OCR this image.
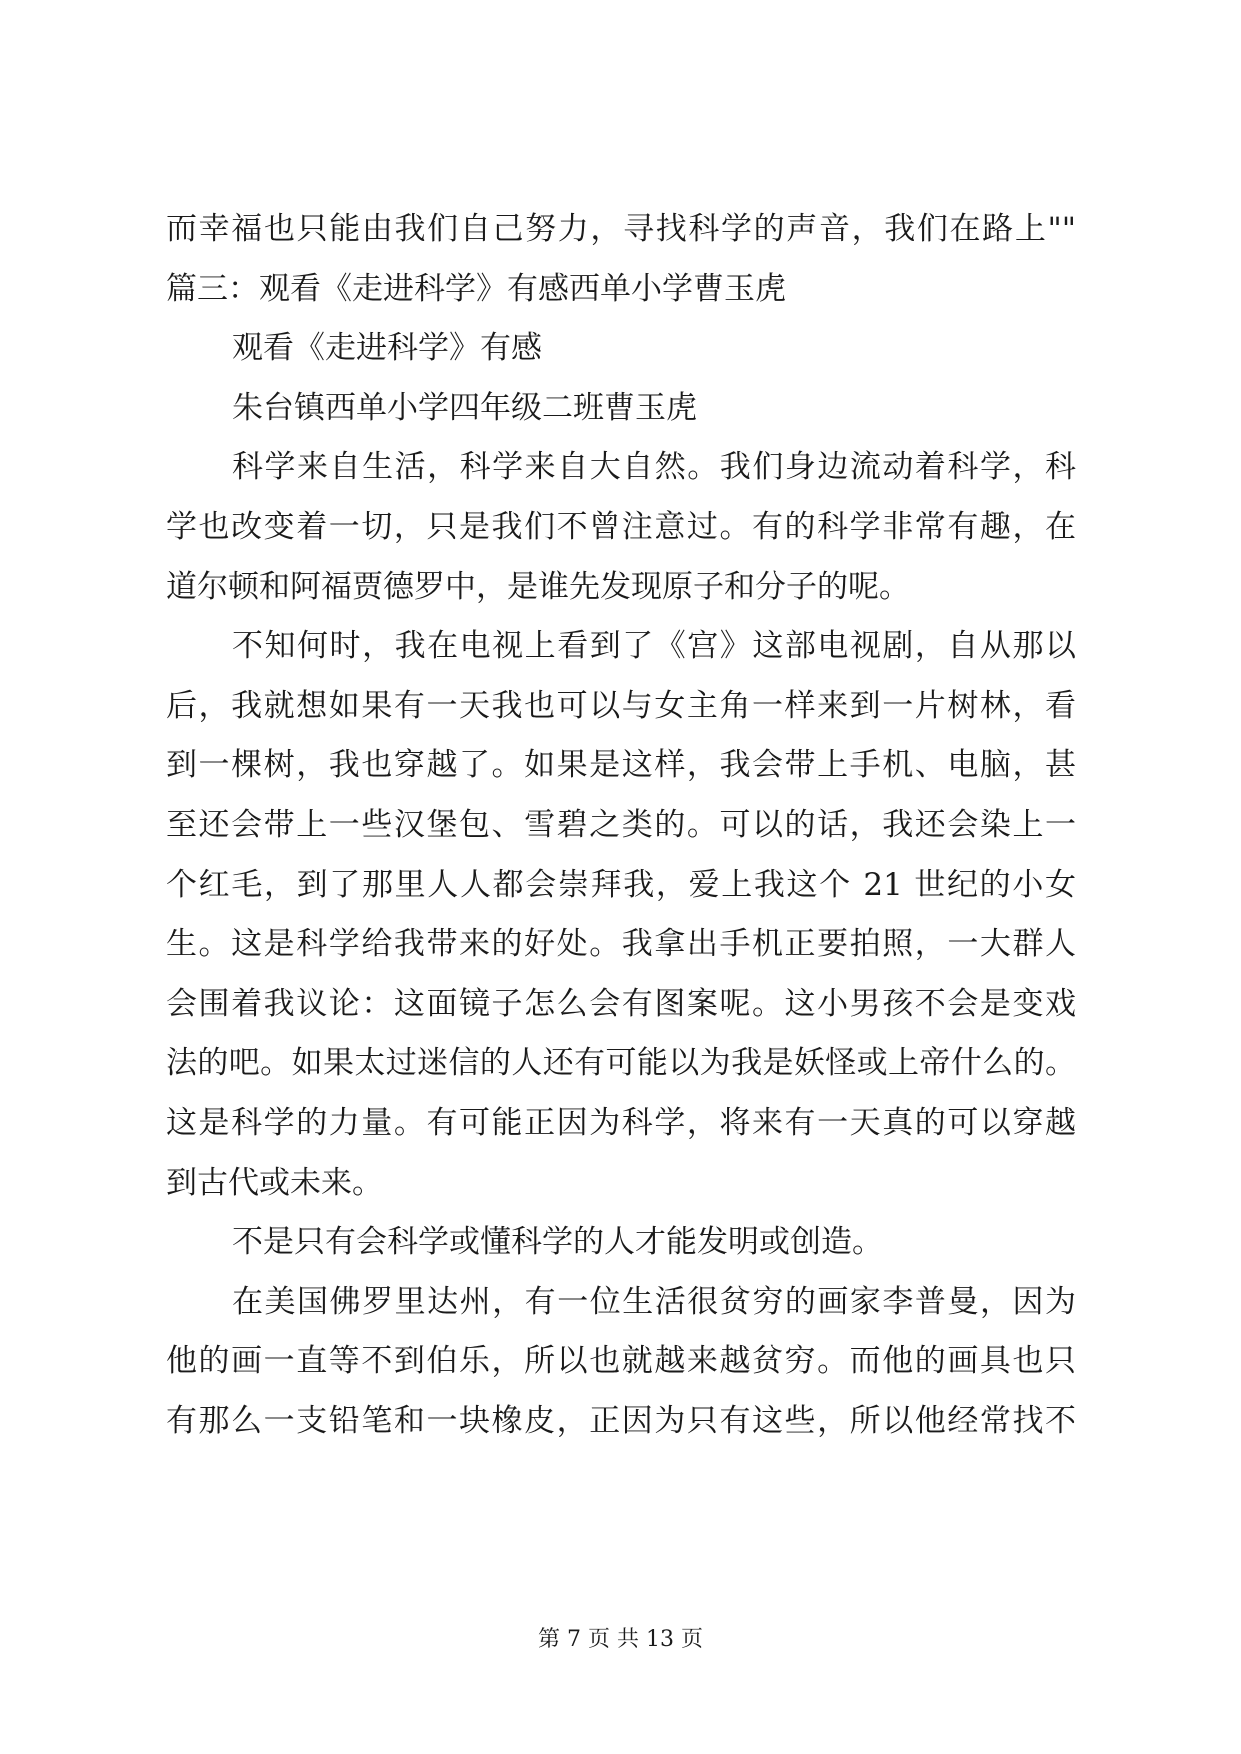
而幸福也只能由我们自己努力，寻找科学的声音，我们在路上""
篇三：观看《走进科学》有感西单小学曹玉虎
观看《走进科学》有感
朱台镇西单小学四年级二班曹玉虎
科学来自生活，科学来自大自然。我们身边流动着科学，科
学也改变着一切，只是我们不曾注意过。有的科学非常有趣，在
道尔顿和阿福贾德罗中，是谁先发现原子和分子的呢。
不知何时，我在电视上看到了《宫》这部电视剧，自从那以
后，我就想如果有一天我也可以与女主角一样来到一片树林，看
到一棵树，我也穿越了。如果是这样，我会带上手机、电脑，甚
至还会带上一些汉堡包、雪碧之类的。可以的话，我还会染上一
个红毛，到了那里人人都会崇拜我，爱上我这个 21 世纪的小女
生。这是科学给我带来的好处。我拿出手机正要拍照，一大群人
会围着我议论：这面镜子怎么会有图案呢。这小男孩不会是变戏
法的吧。如果太过迷信的人还有可能以为我是妖怪或上帝什么的。
这是科学的力量。有可能正因为科学，将来有一天真的可以穿越
到古代或未来。
不是只有会科学或懂科学的人才能发明或创造。
在美国佛罗里达州，有一位生活很贫穷的画家李普曼，因为
他的画一直等不到伯乐，所以也就越来越贫穷。而他的画具也只
有那么一支铅笔和一块橡皮，正因为只有这些，所以他经常找不
第 7 页 共 13 页
